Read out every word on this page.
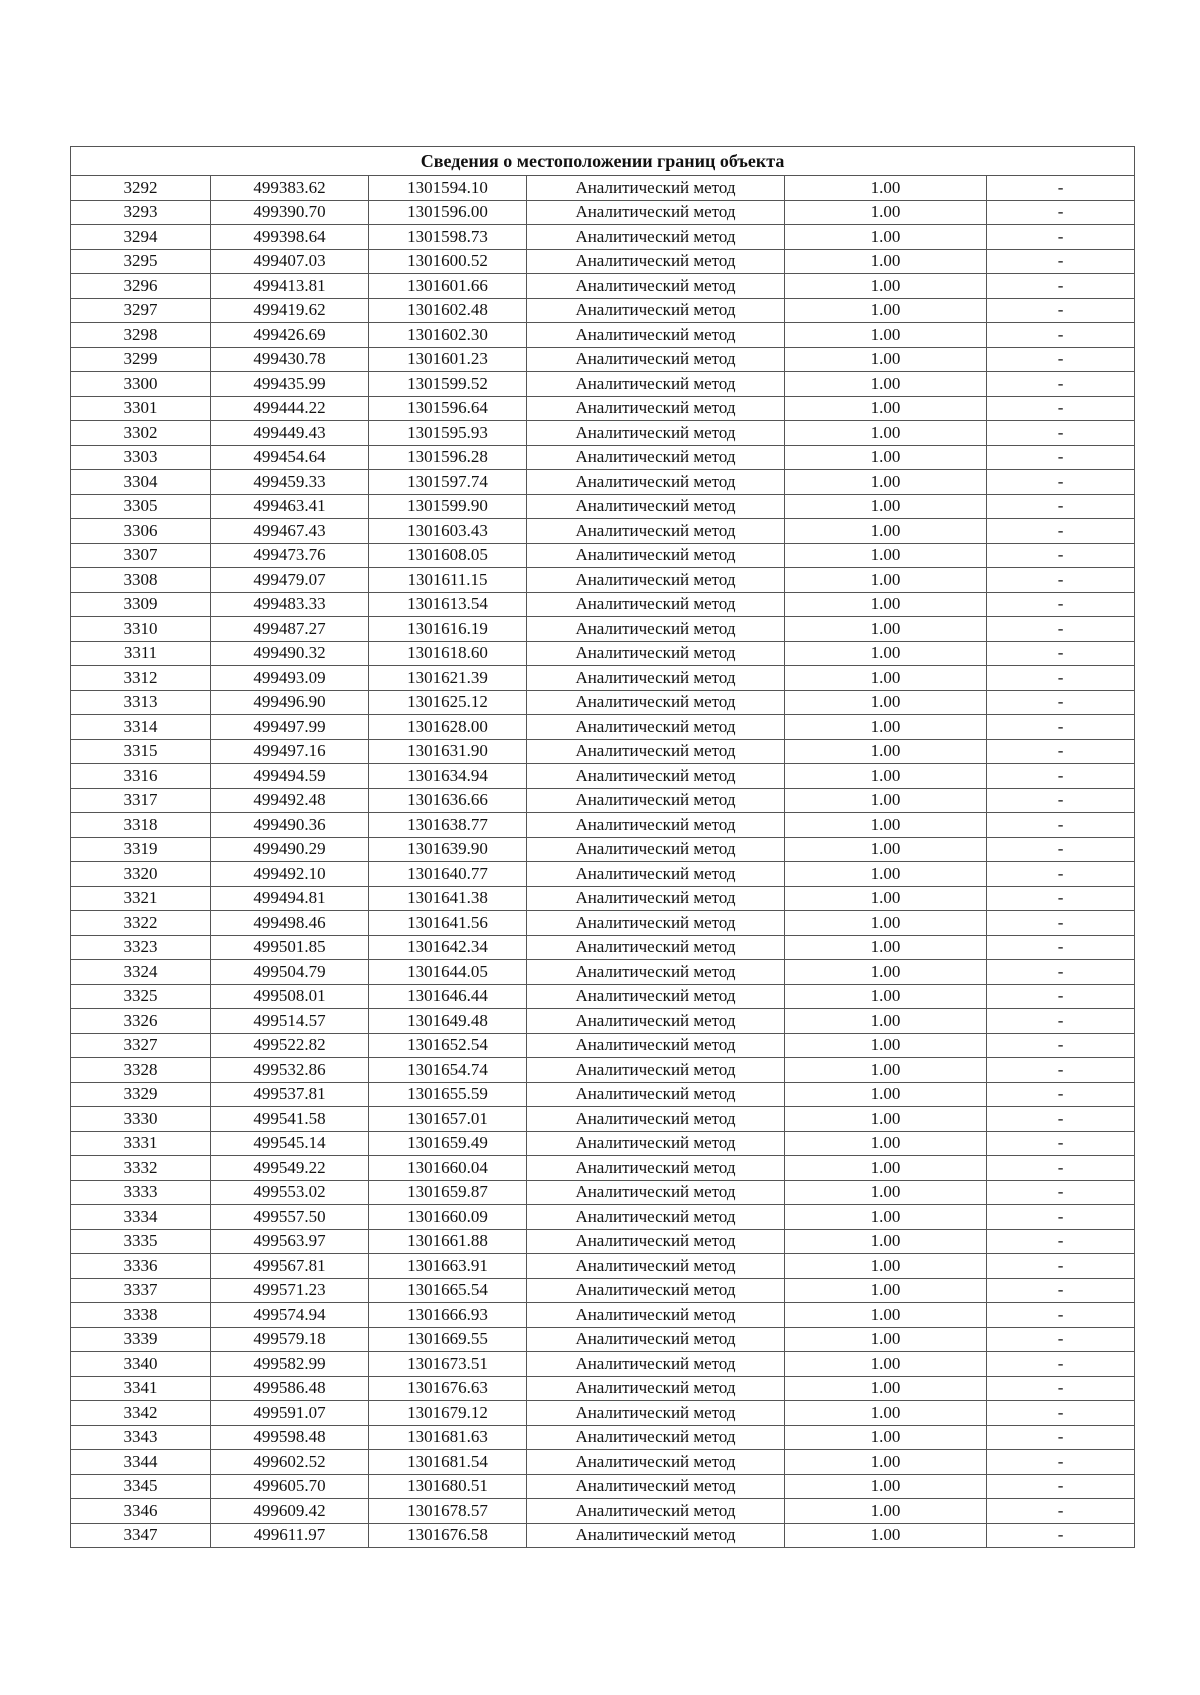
Сведения о местоположении границ объекта					
3292	499383.62	1301594.10	Аналитический метод	1.00	-
3293	499390.70	1301596.00	Аналитический метод	1.00	-
3294	499398.64	1301598.73	Аналитический метод	1.00	-
3295	499407.03	1301600.52	Аналитический метод	1.00	-
3296	499413.81	1301601.66	Аналитический метод	1.00	-
3297	499419.62	1301602.48	Аналитический метод	1.00	-
3298	499426.69	1301602.30	Аналитический метод	1.00	-
3299	499430.78	1301601.23	Аналитический метод	1.00	-
3300	499435.99	1301599.52	Аналитический метод	1.00	-
3301	499444.22	1301596.64	Аналитический метод	1.00	-
3302	499449.43	1301595.93	Аналитический метод	1.00	-
3303	499454.64	1301596.28	Аналитический метод	1.00	-
3304	499459.33	1301597.74	Аналитический метод	1.00	-
3305	499463.41	1301599.90	Аналитический метод	1.00	-
3306	499467.43	1301603.43	Аналитический метод	1.00	-
3307	499473.76	1301608.05	Аналитический метод	1.00	-
3308	499479.07	1301611.15	Аналитический метод	1.00	-
3309	499483.33	1301613.54	Аналитический метод	1.00	-
3310	499487.27	1301616.19	Аналитический метод	1.00	-
3311	499490.32	1301618.60	Аналитический метод	1.00	-
3312	499493.09	1301621.39	Аналитический метод	1.00	-
3313	499496.90	1301625.12	Аналитический метод	1.00	-
3314	499497.99	1301628.00	Аналитический метод	1.00	-
3315	499497.16	1301631.90	Аналитический метод	1.00	-
3316	499494.59	1301634.94	Аналитический метод	1.00	-
3317	499492.48	1301636.66	Аналитический метод	1.00	-
3318	499490.36	1301638.77	Аналитический метод	1.00	-
3319	499490.29	1301639.90	Аналитический метод	1.00	-
3320	499492.10	1301640.77	Аналитический метод	1.00	-
3321	499494.81	1301641.38	Аналитический метод	1.00	-
3322	499498.46	1301641.56	Аналитический метод	1.00	-
3323	499501.85	1301642.34	Аналитический метод	1.00	-
3324	499504.79	1301644.05	Аналитический метод	1.00	-
3325	499508.01	1301646.44	Аналитический метод	1.00	-
3326	499514.57	1301649.48	Аналитический метод	1.00	-
3327	499522.82	1301652.54	Аналитический метод	1.00	-
3328	499532.86	1301654.74	Аналитический метод	1.00	-
3329	499537.81	1301655.59	Аналитический метод	1.00	-
3330	499541.58	1301657.01	Аналитический метод	1.00	-
3331	499545.14	1301659.49	Аналитический метод	1.00	-
3332	499549.22	1301660.04	Аналитический метод	1.00	-
3333	499553.02	1301659.87	Аналитический метод	1.00	-
3334	499557.50	1301660.09	Аналитический метод	1.00	-
3335	499563.97	1301661.88	Аналитический метод	1.00	-
3336	499567.81	1301663.91	Аналитический метод	1.00	-
3337	499571.23	1301665.54	Аналитический метод	1.00	-
3338	499574.94	1301666.93	Аналитический метод	1.00	-
3339	499579.18	1301669.55	Аналитический метод	1.00	-
3340	499582.99	1301673.51	Аналитический метод	1.00	-
3341	499586.48	1301676.63	Аналитический метод	1.00	-
3342	499591.07	1301679.12	Аналитический метод	1.00	-
3343	499598.48	1301681.63	Аналитический метод	1.00	-
3344	499602.52	1301681.54	Аналитический метод	1.00	-
3345	499605.70	1301680.51	Аналитический метод	1.00	-
3346	499609.42	1301678.57	Аналитический метод	1.00	-
3347	499611.97	1301676.58	Аналитический метод	1.00	-
